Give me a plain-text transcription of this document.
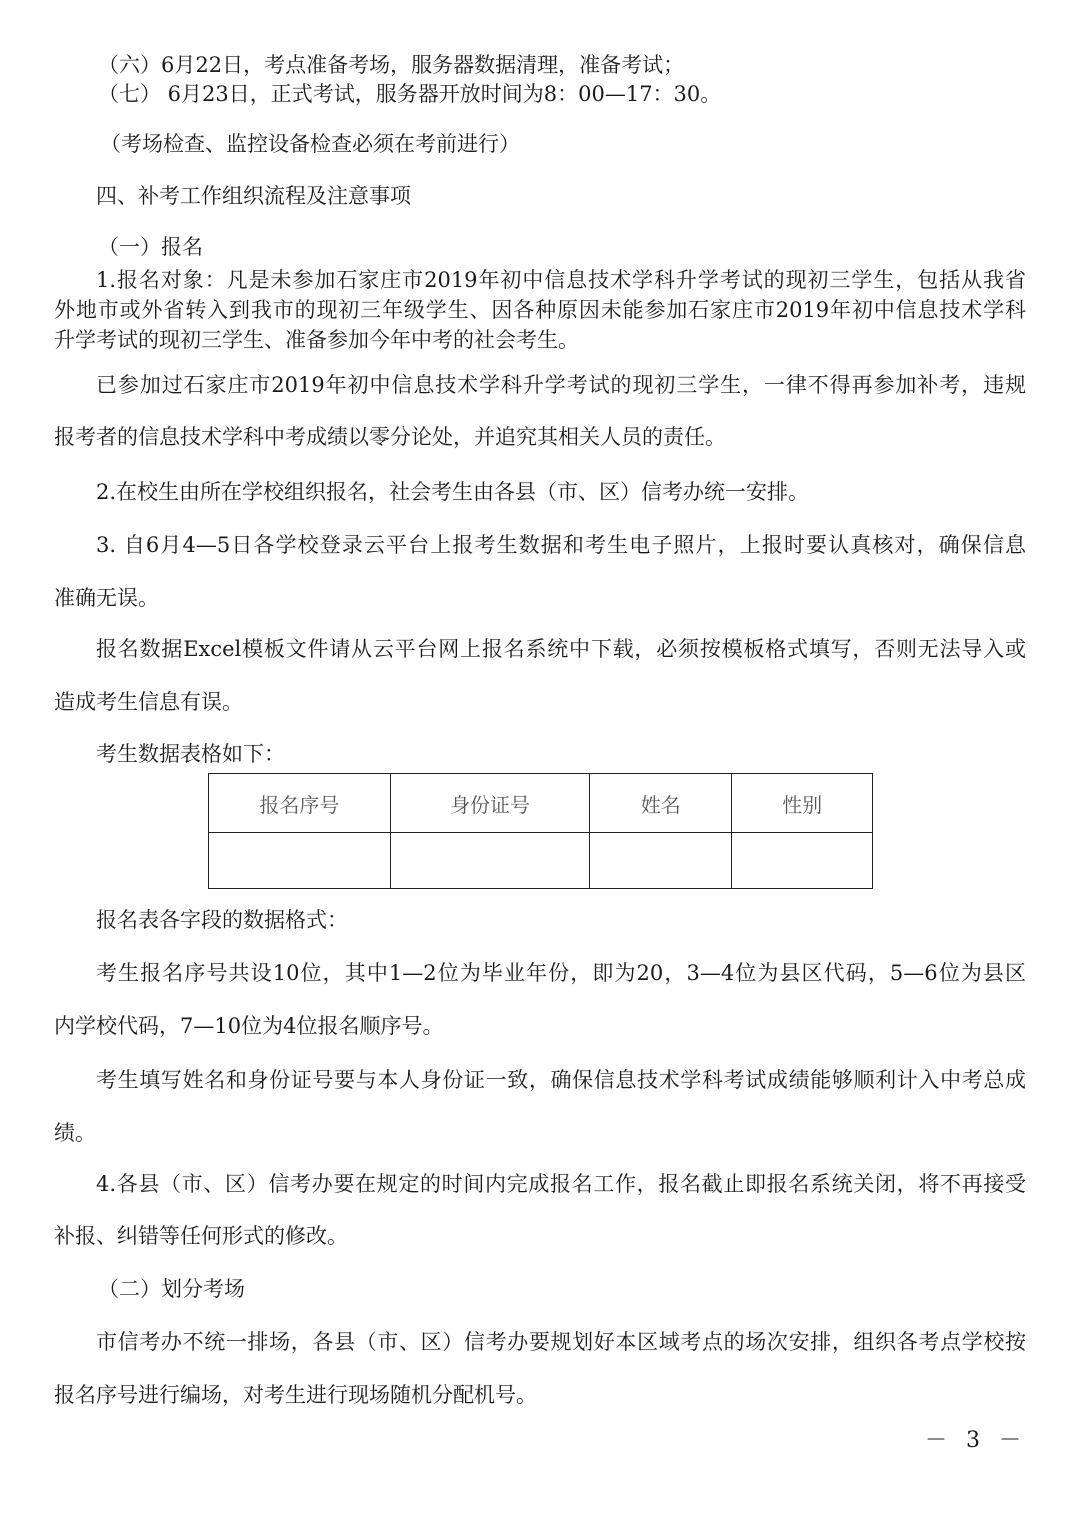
（六）6月22日，考点准备考场，服务器数据清理，准备考试；
（七） 6月23日，正式考试，服务器开放时间为8：00—17：30。
（考场检查、监控设备检查必须在考前进行）
四、补考工作组织流程及注意事项
（一）报名
1.报名对象：凡是未参加石家庄市2019年初中信息技术学科升学考试的现初三学生，包括从我省
外地市或外省转入到我市的现初三年级学生、因各种原因未能参加石家庄市2019年初中信息技术学科
升学考试的现初三学生、准备参加今年中考的社会考生。
已参加过石家庄市2019年初中信息技术学科升学考试的现初三学生，一律不得再参加补考，违规
报考者的信息技术学科中考成绩以零分论处，并追究其相关人员的责任。
2.在校生由所在学校组织报名，社会考生由各县（市、区）信考办统一安排。
3. 自6月4—5日各学校登录云平台上报考生数据和考生电子照片，上报时要认真核对，确保信息
准确无误。
报名数据Excel模板文件请从云平台网上报名系统中下载，必须按模板格式填写，否则无法导入或
造成考生信息有误。
考生数据表格如下：
报名序号	身份证号	姓名	性别

报名表各字段的数据格式：
考生报名序号共设10位，其中1—2位为毕业年份，即为20，3—4位为县区代码，5—6位为县区
内学校代码，7—10位为4位报名顺序号。
考生填写姓名和身份证号要与本人身份证一致，确保信息技术学科考试成绩能够顺利计入中考总成
绩。
4.各县（市、区）信考办要在规定的时间内完成报名工作，报名截止即报名系统关闭，将不再接受
补报、纠错等任何形式的修改。
（二）划分考场
市信考办不统一排场，各县（市、区）信考办要规划好本区域考点的场次安排，组织各考点学校按
报名序号进行编场，对考生进行现场随机分配机号。
－ 3 －
